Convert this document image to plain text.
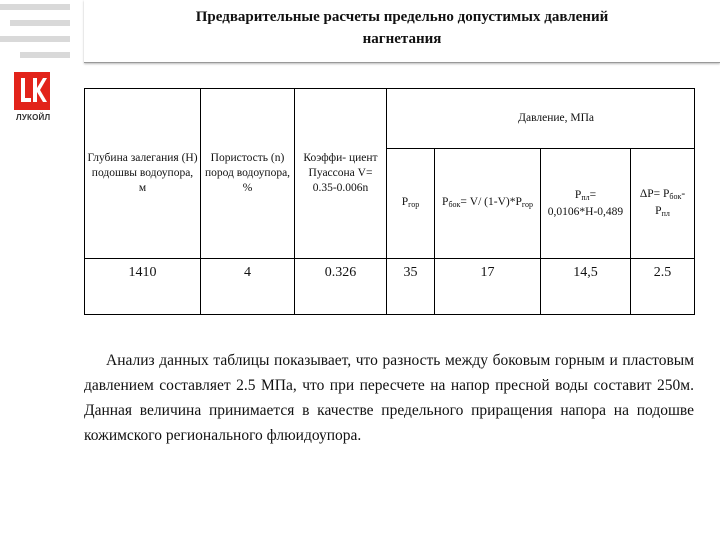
ЛУКОЙЛ
Предварительные расчеты предельно допустимых давлений
нагнетания
Глубина залегания (Н) подошвы водоупора, м	Пористость (n) пород водоупора, %	Коэффи- циент Пуассона V= 0.35-0.006n	Давление, МПа			
			$Р_{гор}$	$Р_{бок}= V/$ $(1-V)*P_{гор}$	$Р_{пл}= 0,0106*Н-0,489$	$\Delta Р= Р_{бок}-$ $Р_{пл}$
1410	4	0.326	35	17	14,5	2.5
Анализ данных таблицы показывает, что разность между боковым горным и пластовым давлением составляет 2.5 МПа, что при пересчете на напор пресной воды составит 250м. Данная величина принимается в качестве предельного приращения напора на подошве кожимского регионального флюидоупора.
